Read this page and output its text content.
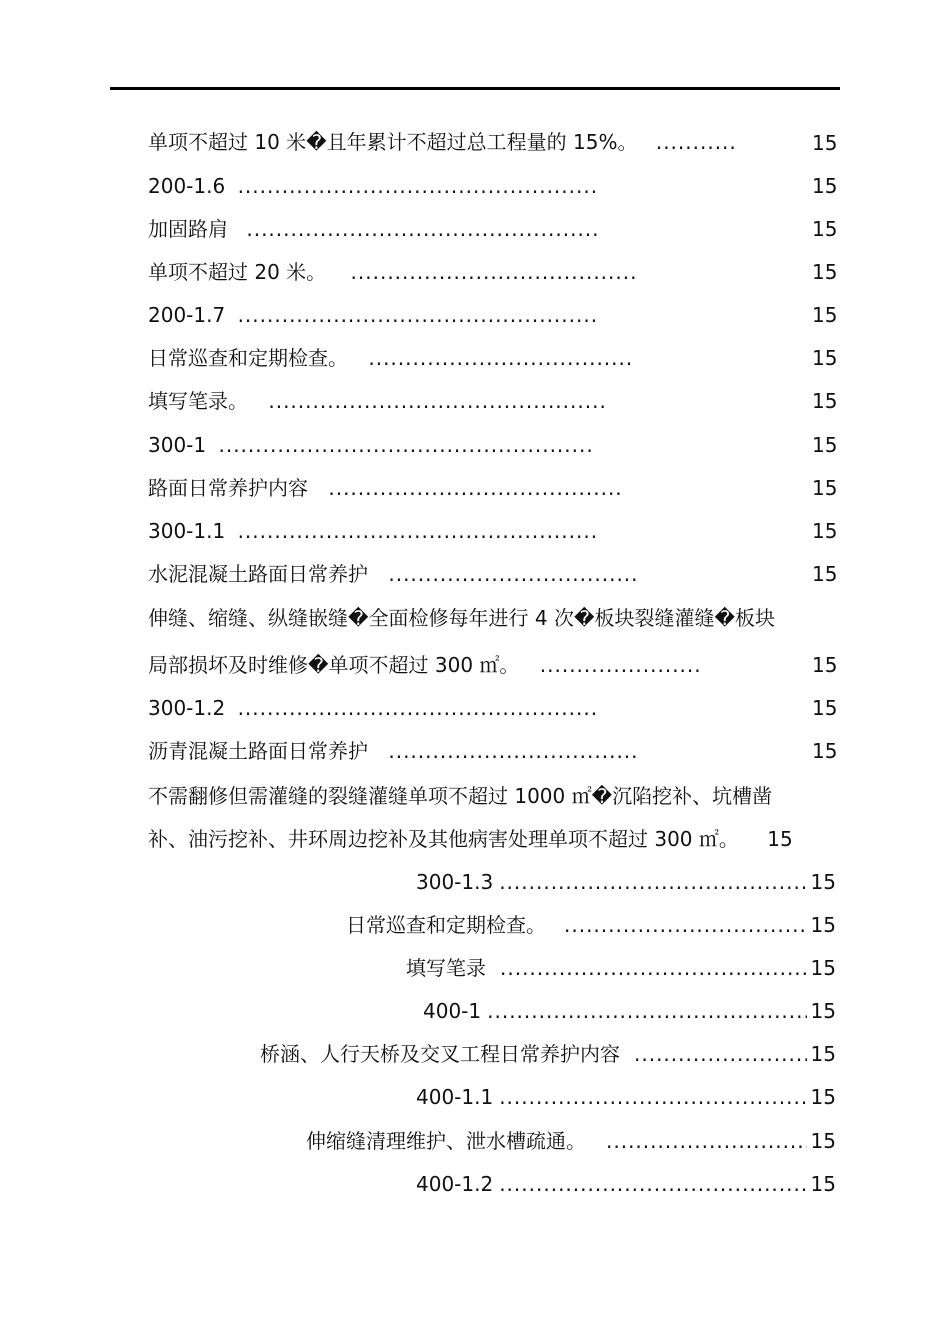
单项不超过 10 米�且年累计不超过总工程量的 15%。 ...........	15
200-1.6 .................................................	15
加固路肩 ................................................	15
单项不超过 20 米。 .......................................	15
200-1.7 .................................................	15
日常巡查和定期检查。 ....................................	15
填写笔录。 ..............................................	15
300-1 ...................................................	15
路面日常养护内容 ........................................	15
300-1.1 .................................................	15
水泥混凝土路面日常养护 ..................................	15
伸缝、缩缝、纵缝嵌缝�全面检修每年进行 4 次�板块裂缝灌缝�板块
局部损坏及时维修�单项不超过 300 ㎡。 ......................	15
300-1.2 .................................................	15
沥青混凝土路面日常养护 ..................................	15
不需翻修但需灌缝的裂缝灌缝单项不超过 1000 ㎡�沉陷挖补、坑槽凿
补、油污挖补、井环周边挖补及其他病害处理单项不超过 300 ㎡。 15
300-1.3 .....	15
日常巡查和定期检查。 .....	15
填写笔录 .....	15
400-1 .....	15
桥涵、人行天桥及交叉工程日常养护内容 .....	15
400-1.1 .....	15
伸缩缝清理维护、泄水槽疏通。 .....	15
400-1.2 .....	15
